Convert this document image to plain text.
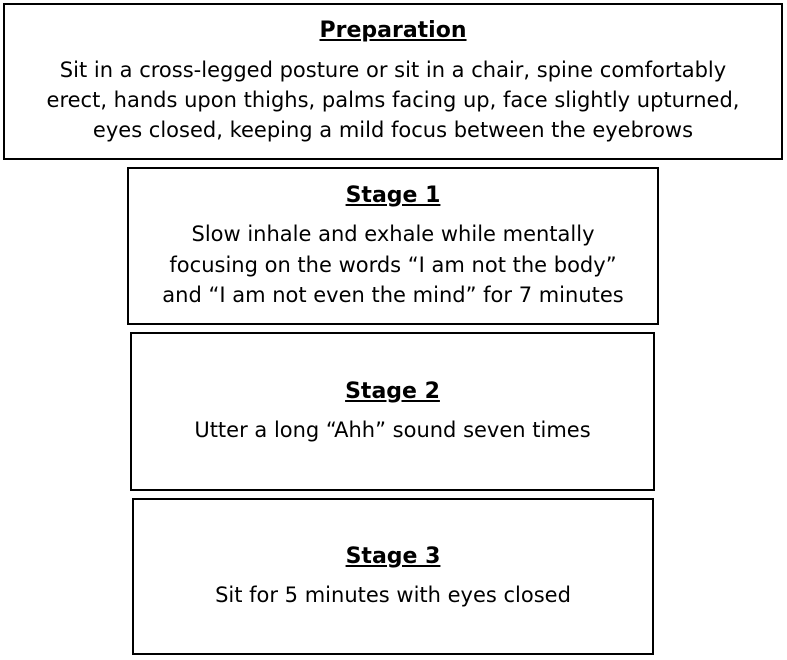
Preparation
Sit in a cross-legged posture or sit in a chair, spine comfortably
erect, hands upon thighs, palms facing up, face slightly upturned,
eyes closed, keeping a mild focus between the eyebrows
Stage 1
Slow inhale and exhale while mentally
focusing on the words “I am not the body”
and “I am not even the mind” for 7 minutes
Stage 2
Utter a long “Ahh” sound seven times
Stage 3
Sit for 5 minutes with eyes closed
